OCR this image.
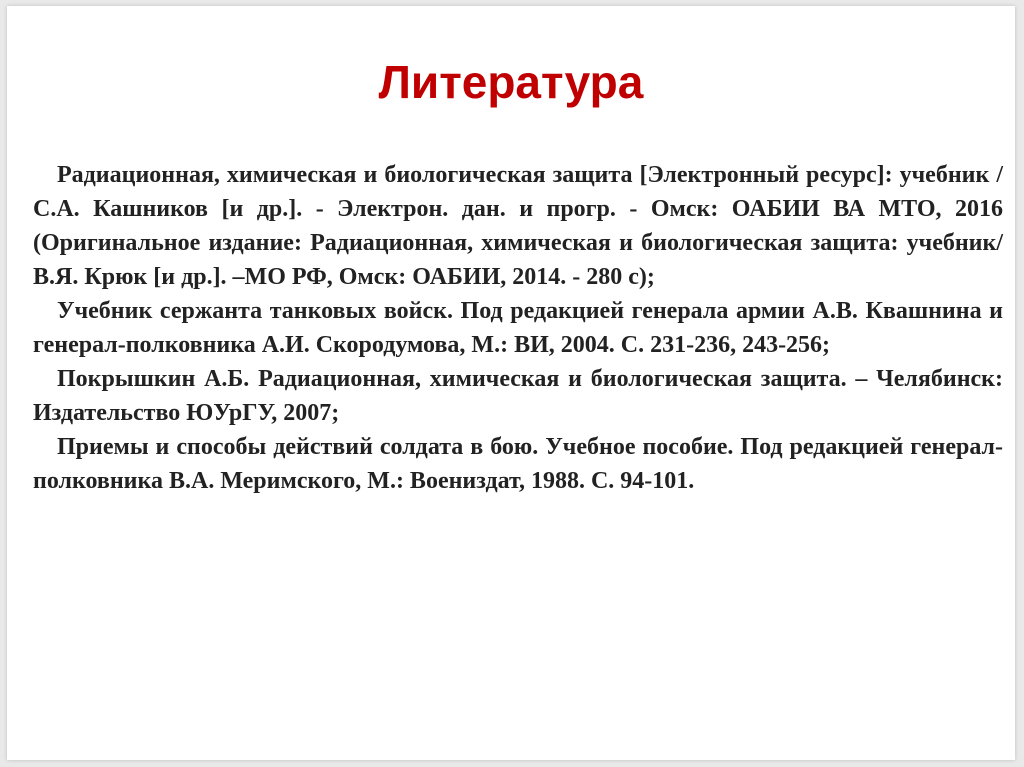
Литература
Радиационная, химическая и биологическая защита [Электронный ресурс]: учебник /С.А. Кашников [и др.]. - Электрон. дан. и прогр. - Омск: ОАБИИ ВА МТО, 2016 (Оригинальное издание: Радиационная, химическая и биологическая защита: учебник/ В.Я. Крюк [и др.]. –МО РФ, Омск: ОАБИИ, 2014. - 280 с);
Учебник сержанта танковых войск. Под редакцией генерала армии А.В. Квашнина и генерал-полковника А.И. Скородумова, М.: ВИ, 2004. С. 231-236, 243-256;
Покрышкин А.Б. Радиационная, химическая и биологическая защита. – Челябинск: Издательство ЮУрГУ, 2007;
Приемы и способы действий солдата в бою. Учебное пособие. Под редакцией генерал-полковника В.А. Меримского, М.: Воениздат, 1988. С. 94-101.
